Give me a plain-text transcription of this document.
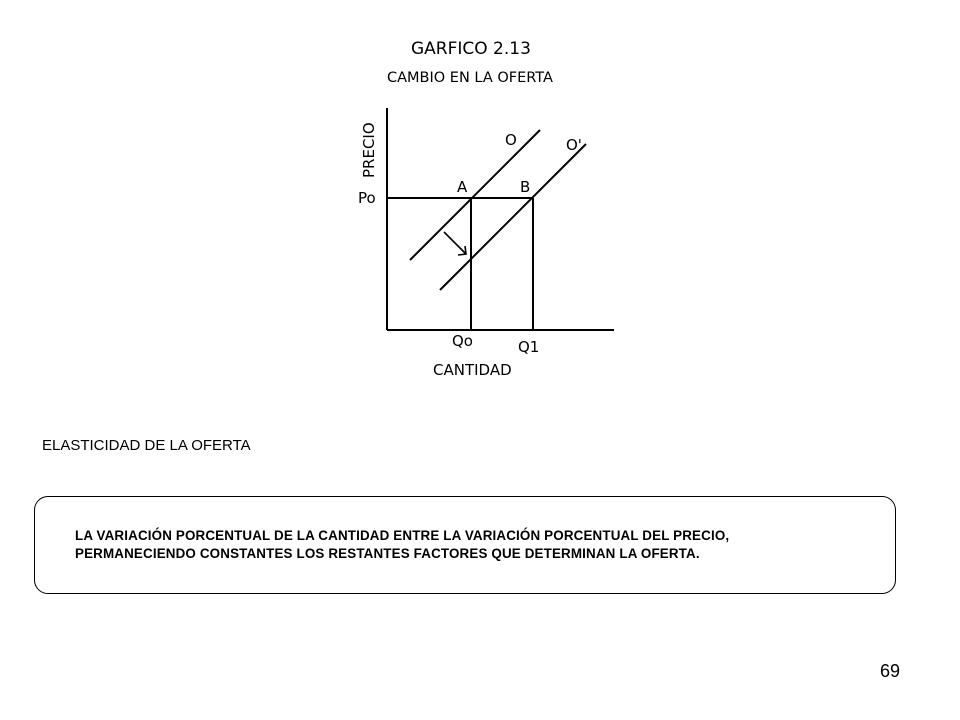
GARFICO 2.13
CAMBIO EN LA OFERTA
PRECIO
Po
O	O'
A	B
Qo	Q1
CANTIDAD
ELASTICIDAD DE LA OFERTA
LA VARIACIÓN PORCENTUAL DE LA CANTIDAD ENTRE LA VARIACIÓN PORCENTUAL DEL PRECIO,
PERMANECIENDO CONSTANTES LOS RESTANTES FACTORES QUE DETERMINAN LA OFERTA.
69
